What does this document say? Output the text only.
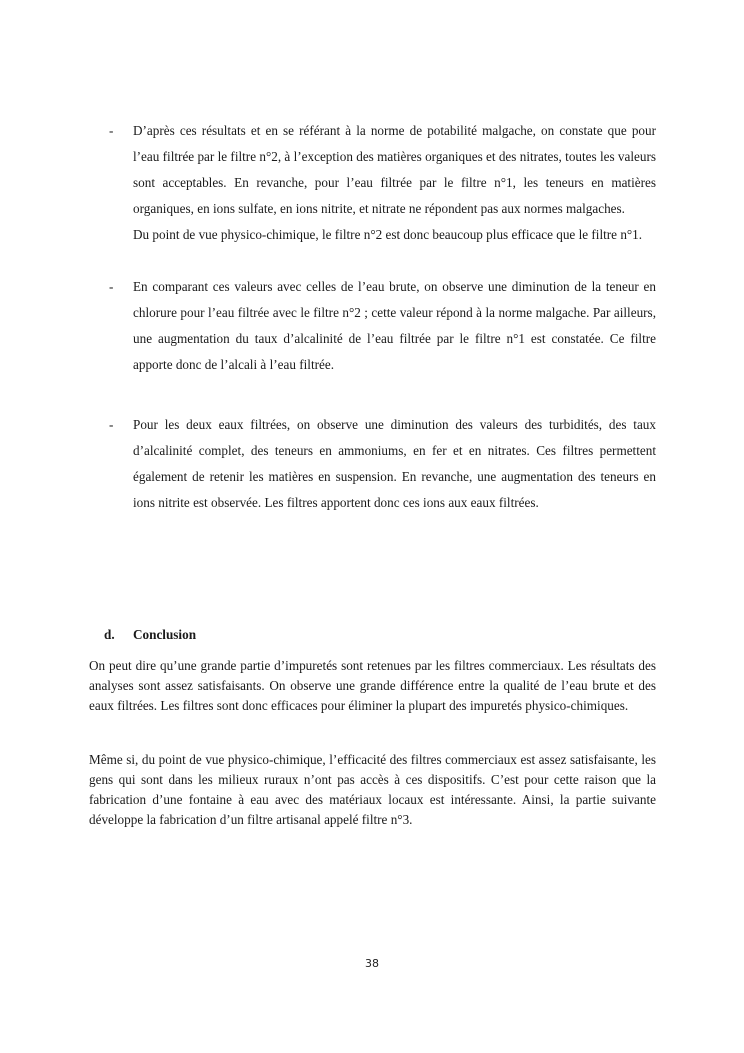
-	D’après ces résultats et en se référant à la norme de potabilité malgache, on constate que pour l’eau filtrée par le filtre n°2, à l’exception des matières organiques et des nitrates, toutes les valeurs sont acceptables. En revanche, pour l’eau filtrée par le filtre n°1, les teneurs en matières organiques, en ions sulfate, en ions nitrite, et nitrate ne répondent pas aux normes malgaches.
Du point de vue physico-chimique, le filtre n°2 est donc beaucoup plus efficace que le filtre n°1.
-	En comparant ces valeurs avec celles de l’eau brute, on observe une diminution de la teneur en chlorure pour l’eau filtrée avec le filtre n°2 ; cette valeur répond à la norme malgache. Par ailleurs, une augmentation du taux d’alcalinité de l’eau filtrée par le filtre n°1 est constatée. Ce filtre apporte donc de l’alcali à l’eau filtrée.
-	Pour les deux eaux filtrées, on observe une diminution des valeurs des turbidités, des taux d’alcalinité complet, des teneurs en ammoniums, en fer et en nitrates. Ces filtres permettent également de retenir les matières en suspension. En revanche, une augmentation des teneurs en ions nitrite est observée. Les filtres apportent donc ces ions aux eaux filtrées.
d. Conclusion

On peut dire qu’une grande partie d’impuretés sont retenues par les filtres commerciaux. Les résultats des analyses sont assez satisfaisants. On observe une grande différence entre la qualité de l’eau brute et des eaux filtrées. Les filtres sont donc efficaces pour éliminer la plupart des impuretés physico-chimiques.

Même si, du point de vue physico-chimique, l’efficacité des filtres commerciaux est assez satisfaisante, les gens qui sont dans les milieux ruraux n’ont pas accès à ces dispositifs. C’est pour cette raison que la fabrication d’une fontaine à eau avec des matériaux locaux est intéressante. Ainsi, la partie suivante développe la fabrication d’un filtre artisanal appelé filtre n°3.

38
